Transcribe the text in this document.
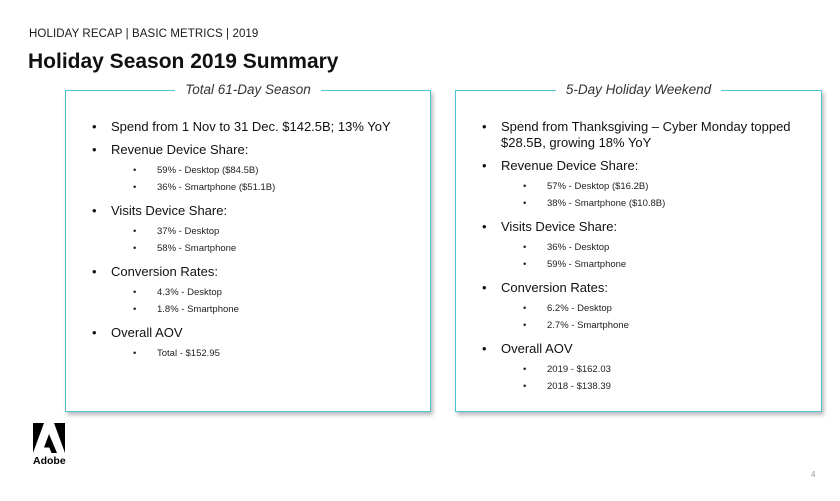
HOLIDAY RECAP | BASIC METRICS | 2019
Holiday Season 2019 Summary
Total 61-Day Season
• Spend from 1 Nov to 31 Dec. $142.5B; 13% YoY
• Revenue Device Share:
• 59% - Desktop ($84.5B)
• 36% - Smartphone ($51.1B)
• Visits Device Share:
• 37% - Desktop
• 58% - Smartphone
• Conversion Rates:
• 4.3% - Desktop
• 1.8% - Smartphone
• Overall AOV
• Total - $152.95
5-Day Holiday Weekend
• Spend from Thanksgiving – Cyber Monday topped $28.5B, growing 18% YoY
• Revenue Device Share:
• 57% - Desktop ($16.2B)
• 38% - Smartphone ($10.8B)
• Visits Device Share:
• 36% - Desktop
• 59% - Smartphone
• Conversion Rates:
• 6.2% - Desktop
• 2.7% - Smartphone
• Overall AOV
• 2019 - $162.03
• 2018 - $138.39
Adobe
4
